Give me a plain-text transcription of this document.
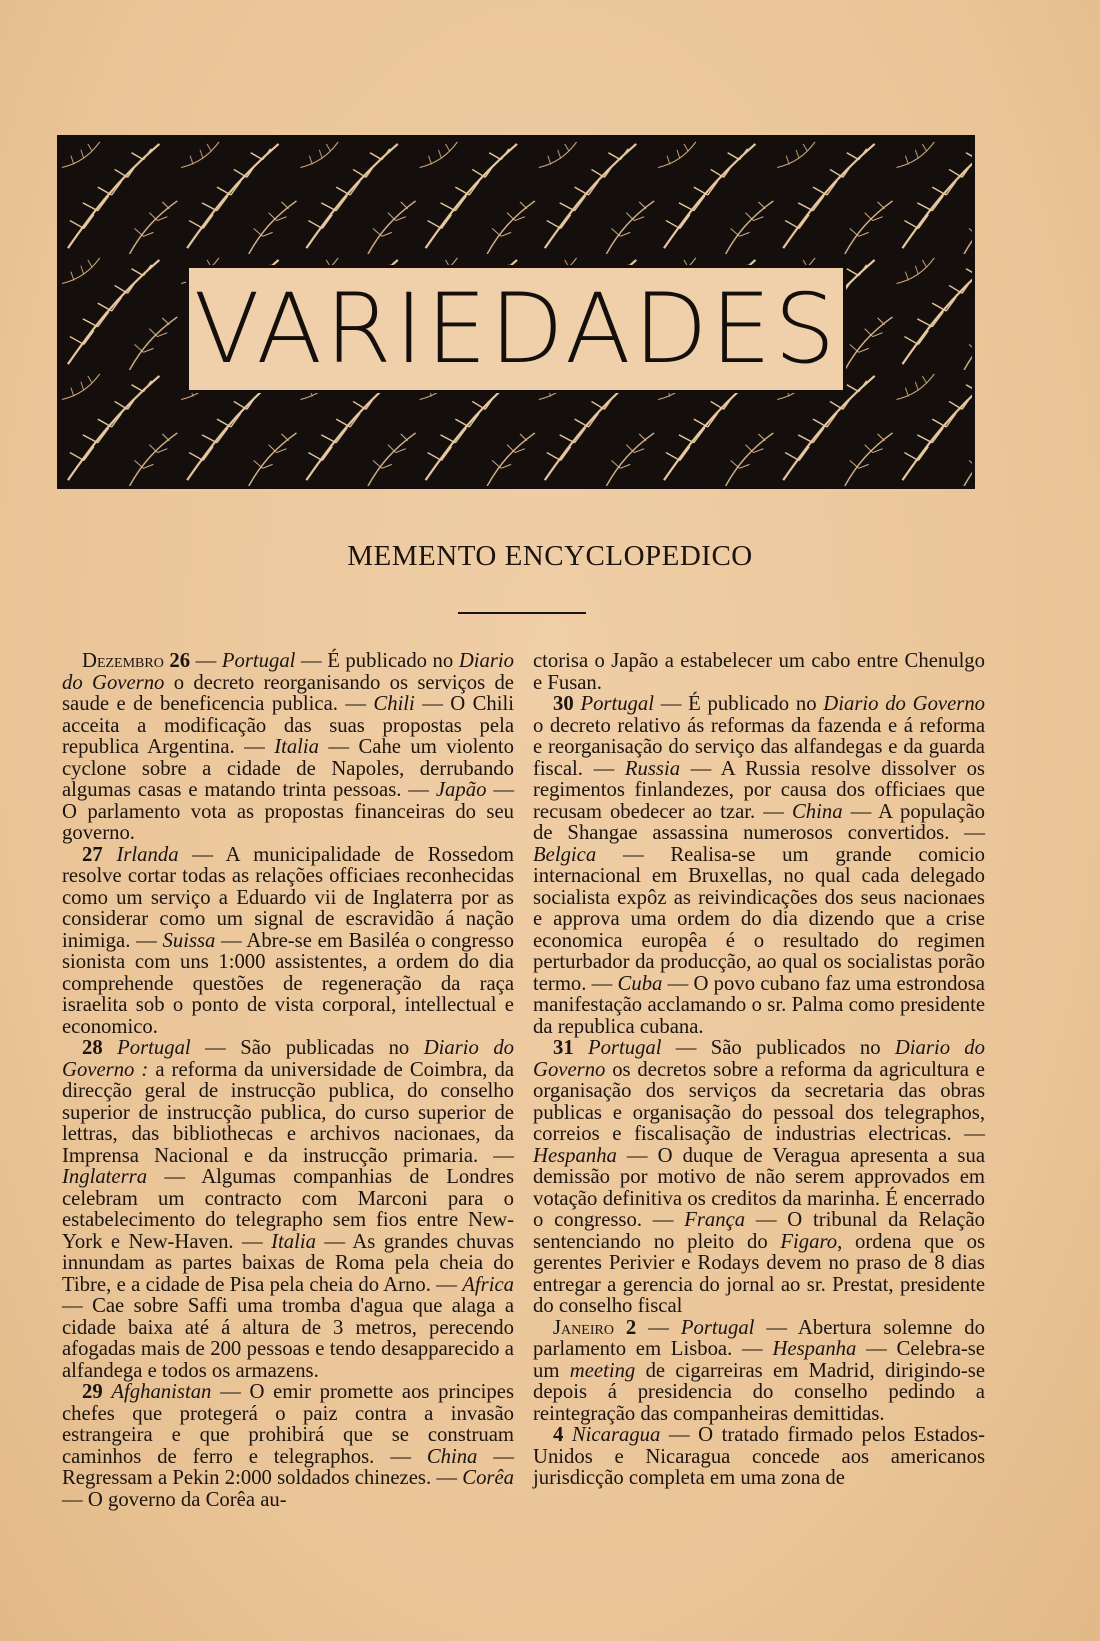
VARIEDADES
MEMENTO ENCYCLOPEDICO

Dezembro 26 — Portugal — É publicado no Diario do Governo o decreto reorganisando os serviços de saude e de beneficencia publica. — Chili — O Chili acceita a modificação das suas propostas pela republica Argentina. — Italia — Cahe um violento cyclone sobre a cidade de Napoles, derrubando algumas casas e matando trinta pessoas. — Japão — O parlamento vota as propostas financeiras do seu governo.

27 Irlanda — A municipalidade de Rossedom resolve cortar todas as relações officiaes reconhecidas como um serviço a Eduardo vii de Inglaterra por as considerar como um signal de escravidão á nação inimiga. — Suissa — Abre-se em Basiléa o congresso sionista com uns 1:000 assistentes, a ordem do dia comprehende questões de regeneração da raça israelita sob o ponto de vista corporal, intellectual e economico.

28 Portugal — São publicadas no Diario do Governo : a reforma da universidade de Coimbra, da direcção geral de instrucção publica, do conselho superior de instrucção publica, do curso superior de lettras, das bibliothecas e archivos nacionaes, da Imprensa Nacional e da instrucção primaria. — Inglaterra — Algumas companhias de Londres celebram um contracto com Marconi para o estabelecimento do telegrapho sem fios entre New-York e New-Haven. — Italia — As grandes chuvas innundam as partes baixas de Roma pela cheia do Tibre, e a cidade de Pisa pela cheia do Arno. — Africa — Cae sobre Saffi uma tromba d'agua que alaga a cidade baixa até á altura de 3 metros, perecendo afogadas mais de 200 pessoas e tendo desapparecido a alfandega e todos os armazens.

29 Afghanistan — O emir promette aos principes chefes que protegerá o paiz contra a invasão estrangeira e que prohibirá que se construam caminhos de ferro e telegraphos. — China — Regressam a Pekin 2:000 soldados chinezes. — Corêa — O governo da Corêa au-

ctorisa o Japão a estabelecer um cabo entre Chenulgo e Fusan.

30 Portugal — É publicado no Diario do Governo o decreto relativo ás reformas da fazenda e á reforma e reorganisação do serviço das alfandegas e da guarda fiscal. — Russia — A Russia resolve dissolver os regimentos finlandezes, por causa dos officiaes que recusam obedecer ao tzar. — China — A população de Shangae assassina numerosos convertidos. — Belgica — Realisa-se um grande comicio internacional em Bruxellas, no qual cada delegado socialista expôz as reivindicações dos seus nacionaes e approva uma ordem do dia dizendo que a crise economica europêa é o resultado do regimen perturbador da producção, ao qual os socialistas porão termo. — Cuba — O povo cubano faz uma estrondosa manifestação acclamando o sr. Palma como presidente da republica cubana.

31 Portugal — São publicados no Diario do Governo os decretos sobre a reforma da agricultura e organisação dos serviços da secretaria das obras publicas e organisação do pessoal dos telegraphos, correios e fiscalisação de industrias electricas. — Hespanha — O duque de Veragua apresenta a sua demissão por motivo de não serem approvados em votação definitiva os creditos da marinha. É encerrado o congresso. — França — O tribunal da Relação sentenciando no pleito do Figaro, ordena que os gerentes Perivier e Rodays devem no praso de 8 dias entregar a gerencia do jornal ao sr. Prestat, presidente do conselho fiscal

Janeiro 2 — Portugal — Abertura solemne do parlamento em Lisboa. — Hespanha — Celebra-se um meeting de cigarreiras em Madrid, dirigindo-se depois á presidencia do conselho pedindo a reintegração das companheiras demittidas.

4 Nicaragua — O tratado firmado pelos Estados-Unidos e Nicaragua concede aos americanos jurisdicção completa em uma zona de
